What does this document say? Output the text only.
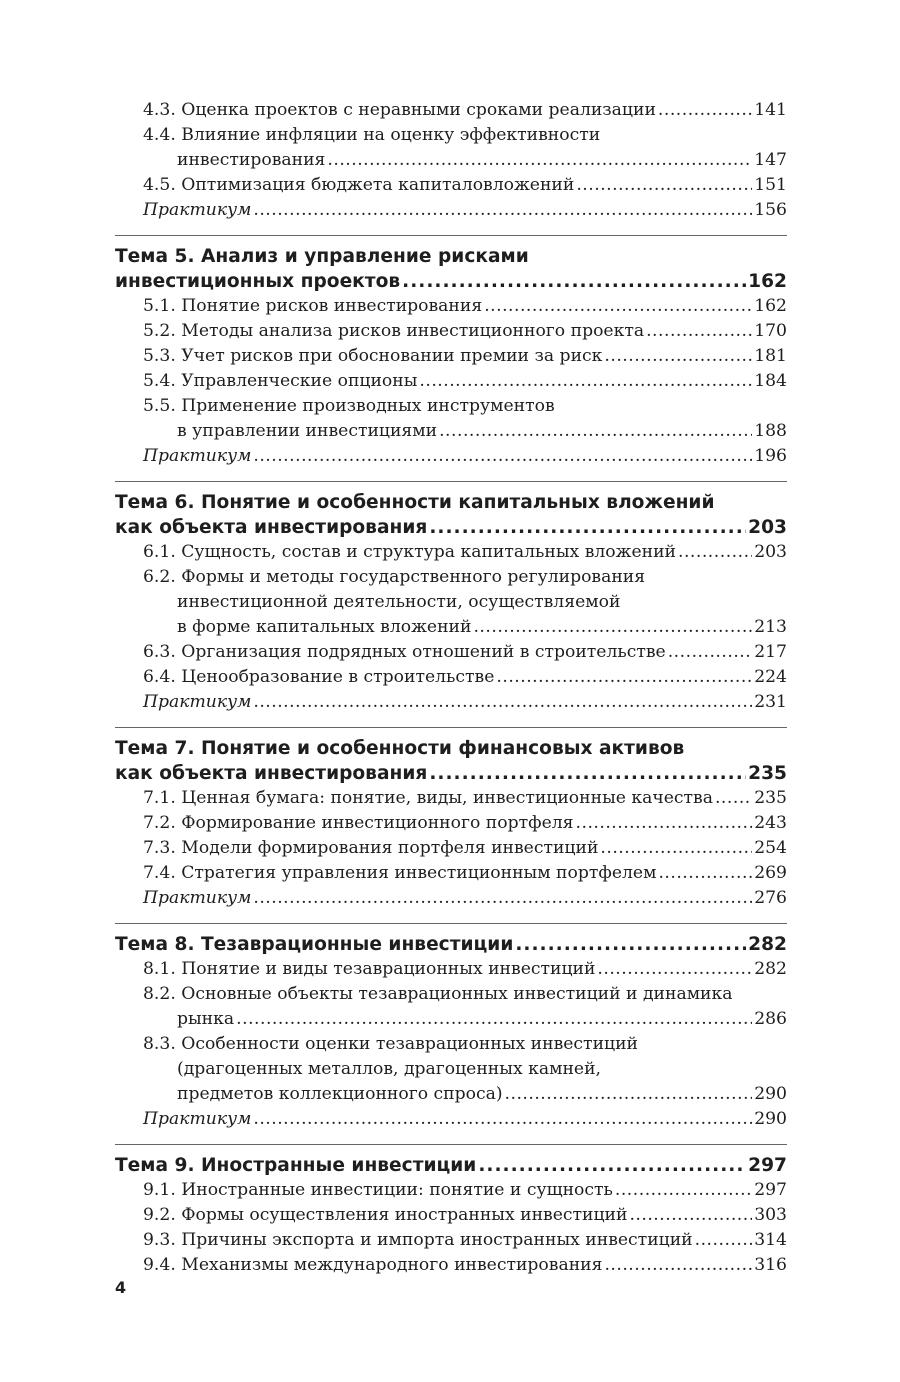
4.3. Оценка проектов с неравными сроками реализации .....	141
4.4. Влияние инфляции на оценку эффективности
инвестирования .....	147
4.5. Оптимизация бюджета капиталовложений .....	151
Практикум .....	156
Тема 5. Анализ и управление рисками
инвестиционных проектов .....	162
5.1. Понятие рисков инвестирования .....	162
5.2. Методы анализа рисков инвестиционного проекта .....	170
5.3. Учет рисков при обосновании премии за риск .....	181
5.4. Управленческие опционы .....	184
5.5. Применение производных инструментов
в управлении инвестициями .....	188
Практикум .....	196
Тема 6. Понятие и особенности капитальных вложений
как объекта инвестирования .....	203
6.1. Сущность, состав и структура капитальных вложений .....	203
6.2. Формы и методы государственного регулирования
инвестиционной деятельности, осуществляемой
в форме капитальных вложений .....	213
6.3. Организация подрядных отношений в строительстве .....	217
6.4. Ценообразование в строительстве .....	224
Практикум .....	231
Тема 7. Понятие и особенности финансовых активов
как объекта инвестирования .....	235
7.1. Ценная бумага: понятие, виды, инвестиционные качества ..... 235
7.2. Формирование инвестиционного портфеля .....	243
7.3. Модели формирования портфеля инвестиций .....	254
7.4. Стратегия управления инвестиционным портфелем .....	269
Практикум .....	276
Тема 8. Тезаврационные инвестиции .....	282
8.1. Понятие и виды тезаврационных инвестиций .....	282
8.2. Основные объекты тезаврационных инвестиций и динамика
рынка .....	286
8.3. Особенности оценки тезаврационных инвестиций
(драгоценных металлов, драгоценных камней,
предметов коллекционного спроса) .....	290
Практикум .....	290
Тема 9. Иностранные инвестиции .....	297
9.1. Иностранные инвестиции: понятие и сущность .....	297
9.2. Формы осуществления иностранных инвестиций .....	303
9.3. Причины экспорта и импорта иностранных инвестиций .....	314
9.4. Механизмы международного инвестирования .....	316
4
